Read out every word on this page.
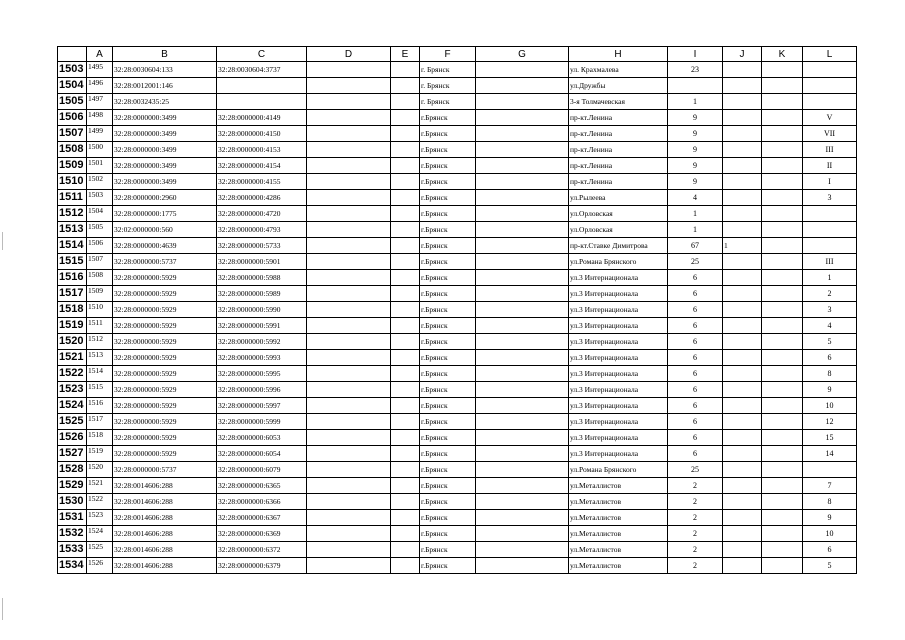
	A	B	C	D	E	F	G	H	I	J	K	L
1503	1495	32:28:0030604:133	32:28:0030604:3737			г. Брянск		ул. Крахмалева	23			
1504	1496	32:28:0012001:146				г. Брянск		ул.Дружбы				
1505	1497	32:28:0032435:25				г. Брянск		3-я Толмачевская	1			
1506	1498	32:28:0000000:3499	32:28:0000000:4149			г.Брянск		пр-кт.Ленина	9			V
1507	1499	32:28:0000000:3499	32:28:0000000:4150			г.Брянск		пр-кт.Ленина	9			VII
1508	1500	32:28:0000000:3499	32:28:0000000:4153			г.Брянск		пр-кт.Ленина	9			III
1509	1501	32:28:0000000:3499	32:28:0000000:4154			г.Брянск		пр-кт.Ленина	9			II
1510	1502	32:28:0000000:3499	32:28:0000000:4155			г.Брянск		пр-кт.Ленина	9			I
1511	1503	32:28:0000000:2960	32:28:0000000:4286			г.Брянск		ул.Рылеева	4			3
1512	1504	32:28:0000000:1775	32:28:0000000:4720			г.Брянск		ул.Орловская	1			
1513	1505	32:02:0000000:560	32:28:0000000:4793			г.Брянск		ул.Орловская	1			
1514	1506	32:28:0000000:4639	32:28:0000000:5733			г.Брянск		пр-кт.Ставке Димитрова	67	1		
1515	1507	32:28:0000000:5737	32:28:0000000:5901			г.Брянск		ул.Романа Брянского	25			III
1516	1508	32:28:0000000:5929	32:28:0000000:5988			г.Брянск		ул.3 Интернационала	6			1
1517	1509	32:28:0000000:5929	32:28:0000000:5989			г.Брянск		ул.3 Интернационала	6			2
1518	1510	32:28:0000000:5929	32:28:0000000:5990			г.Брянск		ул.3 Интернационала	6			3
1519	1511	32:28:0000000:5929	32:28:0000000:5991			г.Брянск		ул.3 Интернационала	6			4
1520	1512	32:28:0000000:5929	32:28:0000000:5992			г.Брянск		ул.3 Интернационала	6			5
1521	1513	32:28:0000000:5929	32:28:0000000:5993			г.Брянск		ул.3 Интернационала	6			6
1522	1514	32:28:0000000:5929	32:28:0000000:5995			г.Брянск		ул.3 Интернационала	6			8
1523	1515	32:28:0000000:5929	32:28:0000000:5996			г.Брянск		ул.3 Интернационала	6			9
1524	1516	32:28:0000000:5929	32:28:0000000:5997			г.Брянск		ул.3 Интернационала	6			10
1525	1517	32:28:0000000:5929	32:28:0000000:5999			г.Брянск		ул.3 Интернационала	6			12
1526	1518	32:28:0000000:5929	32:28:0000000:6053			г.Брянск		ул.3 Интернационала	6			15
1527	1519	32:28:0000000:5929	32:28:0000000:6054			г.Брянск		ул.3 Интернационала	6			14
1528	1520	32:28:0000000:5737	32:28:0000000:6079			г.Брянск		ул.Романа Брянского	25			
1529	1521	32:28:0014606:288	32:28:0000000:6365			г.Брянск		ул.Металлистов	2			7
1530	1522	32:28:0014606:288	32:28:0000000:6366			г.Брянск		ул.Металлистов	2			8
1531	1523	32:28:0014606:288	32:28:0000000:6367			г.Брянск		ул.Металлистов	2			9
1532	1524	32:28:0014606:288	32:28:0000000:6369			г.Брянск		ул.Металлистов	2			10
1533	1525	32:28:0014606:288	32:28:0000000:6372			г.Брянск		ул.Металлистов	2			6
1534	1526	32:28:0014606:288	32:28:0000000:6379			г.Брянск		ул.Металлистов	2			5
